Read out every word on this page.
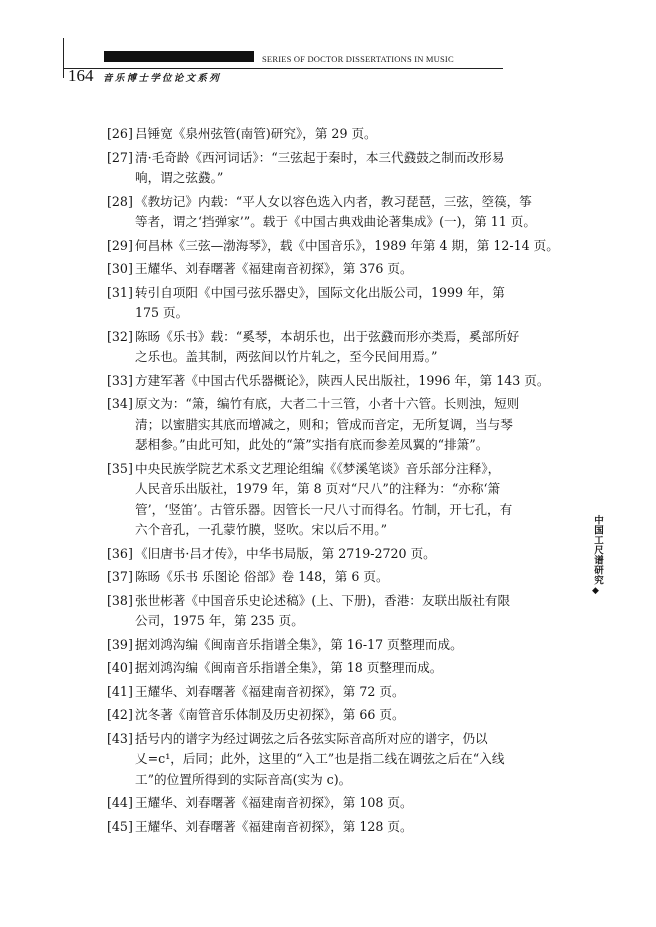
SERIES OF DOCTOR DISSERTATIONS IN MUSIC
164 音乐博士学位论文系列
[26] 吕锤宽《泉州弦管(南管)研究》，第 29 页。
[27] 清·毛奇龄《西河词话》：“三弦起于秦时，本三代鼗鼓之制而改形易
响，谓之弦鼗。”
[28] 《教坊记》内载：“平人女以容色选入内者，教习琵琶，三弦，箜篌，筝
等者，谓之‘挡弹家’”。载于《中国古典戏曲论著集成》(一)，第 11 页。
[29] 何昌林《三弦—渤海琴》，载《中国音乐》，1989 年第 4 期，第 12-14 页。
[30] 王耀华、刘春曙著《福建南音初探》，第 376 页。
[31] 转引自项阳《中国弓弦乐器史》，国际文化出版公司，1999 年，第
175 页。
[32] 陈旸《乐书》载：“奚琴，本胡乐也，出于弦鼗而形亦类焉，奚部所好
之乐也。盖其制，两弦间以竹片轧之，至今民间用焉。”
[33] 方建军著《中国古代乐器概论》，陕西人民出版社，1996 年，第 143 页。
[34] 原文为：“箫，编竹有底，大者二十三管，小者十六管。长则浊，短则
清；以蜜腊实其底而增减之，则和；管成而音定，无所复调，当与琴
瑟相参。”由此可知，此处的“箫”实指有底而参差凤翼的“排箫”。
[35] 中央民族学院艺术系文艺理论组编《《梦溪笔谈》音乐部分注释》，
人民音乐出版社，1979 年，第 8 页对“尺八”的注释为：“亦称‘箫
管’，‘竖笛’。古管乐器。因管长一尺八寸而得名。竹制，开七孔，有
六个音孔，一孔蒙竹膜，竖吹。宋以后不用。”
[36] 《旧唐书·吕才传》，中华书局版，第 2719-2720 页。
[37] 陈旸《乐书 乐图论 俗部》卷 148，第 6 页。
[38] 张世彬著《中国音乐史论述稿》(上、下册)，香港：友联出版社有限
公司，1975 年，第 235 页。
[39] 据刘鸿沟编《闽南音乐指谱全集》，第 16-17 页整理而成。
[40] 据刘鸿沟编《闽南音乐指谱全集》，第 18 页整理而成。
[41] 王耀华、刘春曙著《福建南音初探》，第 72 页。
[42] 沈冬著《南管音乐体制及历史初探》，第 66 页。
[43] 括号内的谱字为经过调弦之后各弦实际音高所对应的谱字，仍以
乂=c¹，后同；此外，这里的“入工”也是指二线在调弦之后在“入线
工”的位置所得到的实际音高(实为 c)。
[44] 王耀华、刘春曙著《福建南音初探》，第 108 页。
[45] 王耀华、刘春曙著《福建南音初探》，第 128 页。
中国工尺谱研究
◆
